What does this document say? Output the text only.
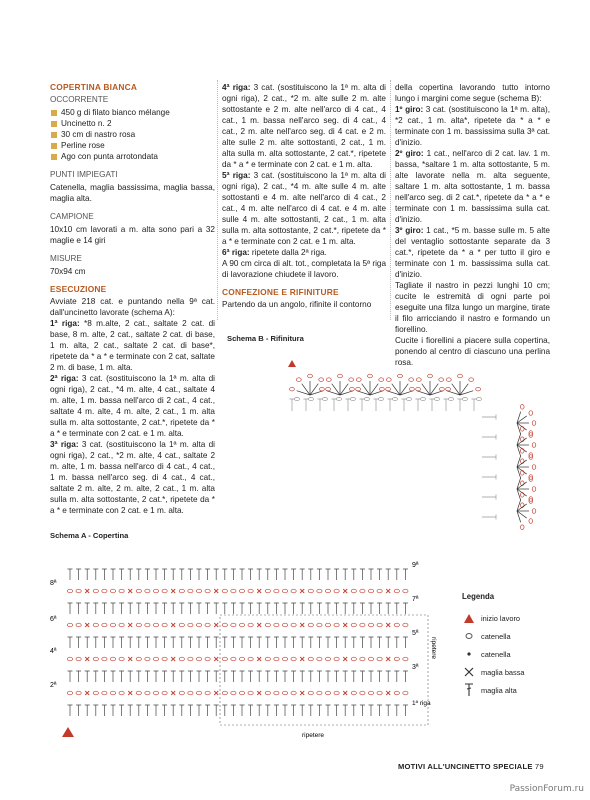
COPERTINA BIANCA
OCCORRENTE
450 g di filato bianco mélange
Uncinetto n. 2
30 cm di nastro rosa
Perline rose
Ago con punta arrotondata
PUNTI IMPIEGATI

Catenella, maglia bassissima, maglia bassa, maglia alta.

CAMPIONE

10x10 cm lavorati a m. alta sono pari a 32 maglie e 14 giri

MISURE

70x94 cm

ESECUZIONE

Avviate 218 cat. e puntando nella 9ª cat. dall'uncinetto lavorate (schema A):

1ª riga: *8 m.alte, 2 cat., saltate 2 cat. di base, 8 m. alte, 2 cat., saltate 2 cat. di base, 1 m. alta, 2 cat., saltate 2 cat. di base*, ripetete da * a * e terminate con 2 cat, saltate 2 m. di base, 1 m. alta.

2ª riga: 3 cat. (sostituiscono la 1ª m. alta di ogni riga), 2 cat., *4 m. alte, 4 cat., saltate 4 m. alte, 1 m. bassa nell'arco di 2 cat., 4 cat., saltate 4 m. alte, 4 m. alte, 2 cat., 1 m. alta sulla m. alta sottostante, 2 cat.*, ripetete da * a * e terminate con 2 cat. e 1 m. alta.

3ª riga: 3 cat. (sostituiscono la 1ª m. alta di ogni riga), 2 cat., *2 m. alte, 4 cat., saltate 2 m. alte, 1 m. bassa nell'arco di 4 cat., 4 cat., 1 m. bassa nell'arco seg. di 4 cat., 4 cat., saltate 2 m. alte, 2 m. alte, 2 cat., 1 m. alta sulla m. alta sottostante, 2 cat.*, ripetete da * a * e terminate con 2 cat. e 1 m. alta.

4ª riga: 3 cat. (sostituiscono la 1ª m. alta di ogni riga), 2 cat., *2 m. alte sulle 2 m. alte sottostante e 2 m. alte nell'arco di 4 cat., 4 cat., 1 m. bassa nell'arco seg. di 4 cat., 4 cat., 2 m. alte nell'arco seg. di 4 cat. e 2 m. alte sulle 2 m. alte sottostanti, 2 cat., 1 m. alta sulla m. alta sottostante, 2 cat.*, ripetete da * a * e terminate con 2 cat. e 1 m. alta.

5ª riga: 3 cat. (sostituiscono la 1ª m. alta di ogni riga), 2 cat., *4 m. alte sulle 4 m. alte sottostanti e 4 m. alte nell'arco di 4 cat., 2 cat., 4 m. alte nell'arco di 4 cat. e 4 m. alte sulle 4 m. alte sottostanti, 2 cat., 1 m. alta sulla m. alta sottostante, 2 cat.*, ripetete da * a * e terminate con 2 cat. e 1 m. alta.

6ª riga: ripetete dalla 2ª riga.

A 90 cm circa di alt. tot., completata la 5ª riga di lavorazione chiudete il lavoro.

CONFEZIONE E RIFINITURE

Partendo da un angolo, rifinite il contorno

della copertina lavorando tutto intorno lungo i margini come segue (schema B):

1º giro: 3 cat. (sostituiscono la 1ª m. alta), *2 cat., 1 m. alta*, ripetete da * a * e terminate con 1 m. bassissima sulla 3ª cat. d'inizio.

2º giro: 1 cat., nell'arco di 2 cat. lav. 1 m. bassa, *saltare 1 m. alta sottostante, 5 m. alte lavorate nella m. alta seguente, saltare 1 m. alta sottostante, 1 m. bassa nell'arco seg. di 2 cat.*, ripetete da * a * e terminate con 1 m. bassissima sulla cat. d'inizio.

3º giro: 1 cat., *5 m. basse sulle m. 5 alte del ventaglio sottostante separate da 3 cat.*, ripetete da * a * per tutto il giro e terminate con 1 m. bassissima sulla cat. d'inizio.

Tagliate il nastro in pezzi lunghi 10 cm; cucite le estremità di ogni parte poi eseguite una filza lungo un margine, tirate il filo arricciando il nastro e formando un fiorellino.

Cucite i fiorellini a piacere sulla copertina, ponendo al centro di ciascuno una perlina rosa.

Schema B - Rifinitura
Schema A - Copertina
8ª
6ª
4ª
2ª
9ª
7ª
5ª
3ª
1ª riga
ripetere
ripetere
Legenda
inizio lavoro
catenella
catenella
maglia bassa
maglia alta
MOTIVI ALL'UNCINETTO SPECIALE 79
PassionForum.ru
